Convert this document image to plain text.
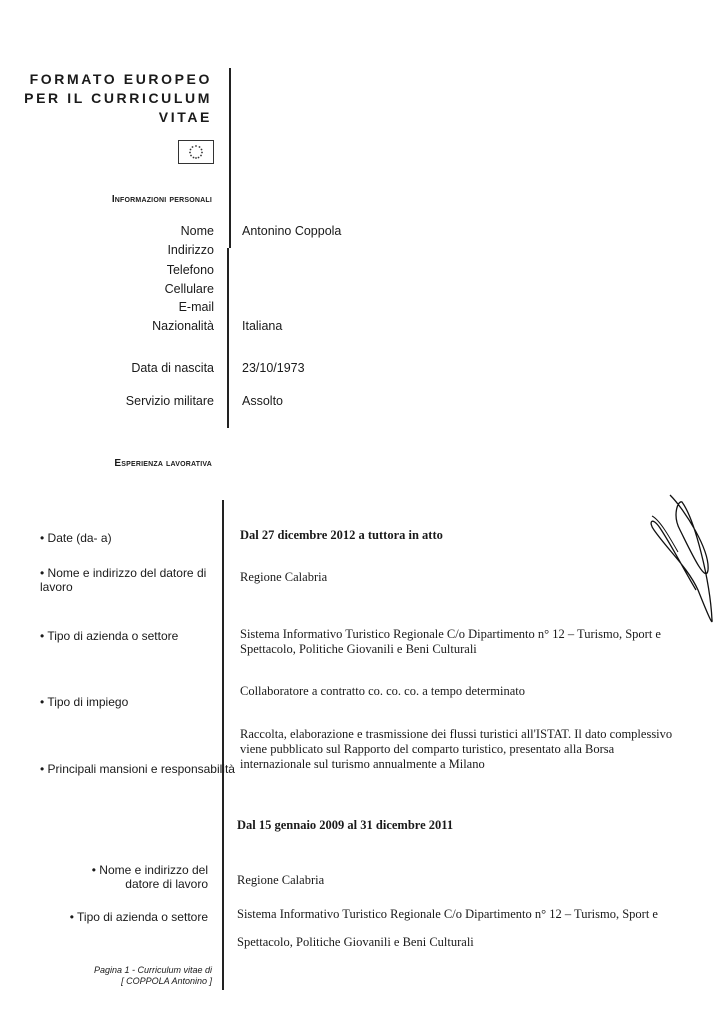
FORMATO EUROPEO
PER IL CURRICULUM
VITAE
Informazioni personali
Nome Antonino Coppola
Indirizzo
Telefono
Cellulare
E-mail
Nazionalità Italiana
Data di nascita 23/10/1973
Servizio militare Assolto
Esperienza lavorativa
• Date (da- a)	Dal 27 dicembre 2012 a tuttora in atto
• Nome e indirizzo del datore di lavoro
Regione Calabria
• Tipo di azienda o settore	Sistema Informativo Turistico Regionale C/o Dipartimento n° 12 – Turismo, Sport e Spettacolo, Politiche Giovanili e Beni Culturali
• Tipo di impiego
Collaboratore a contratto co. co. co. a tempo determinato
• Principali mansioni e responsabilità
Raccolta, elaborazione e trasmissione dei flussi turistici all'ISTAT. Il dato complessivo viene pubblicato sul Rapporto del comparto turistico, presentato alla Borsa internazionale sul turismo annualmente a Milano
Dal 15 gennaio 2009 al 31 dicembre 2011
• Nome e indirizzo del datore di lavoro Regione Calabria
• Tipo di azienda o settore Sistema Informativo Turistico Regionale C/o Dipartimento n° 12 – Turismo, Sport e
Spettacolo, Politiche Giovanili e Beni Culturali
Pagina 1 - Curriculum vitae di
[ COPPOLA Antonino ]
